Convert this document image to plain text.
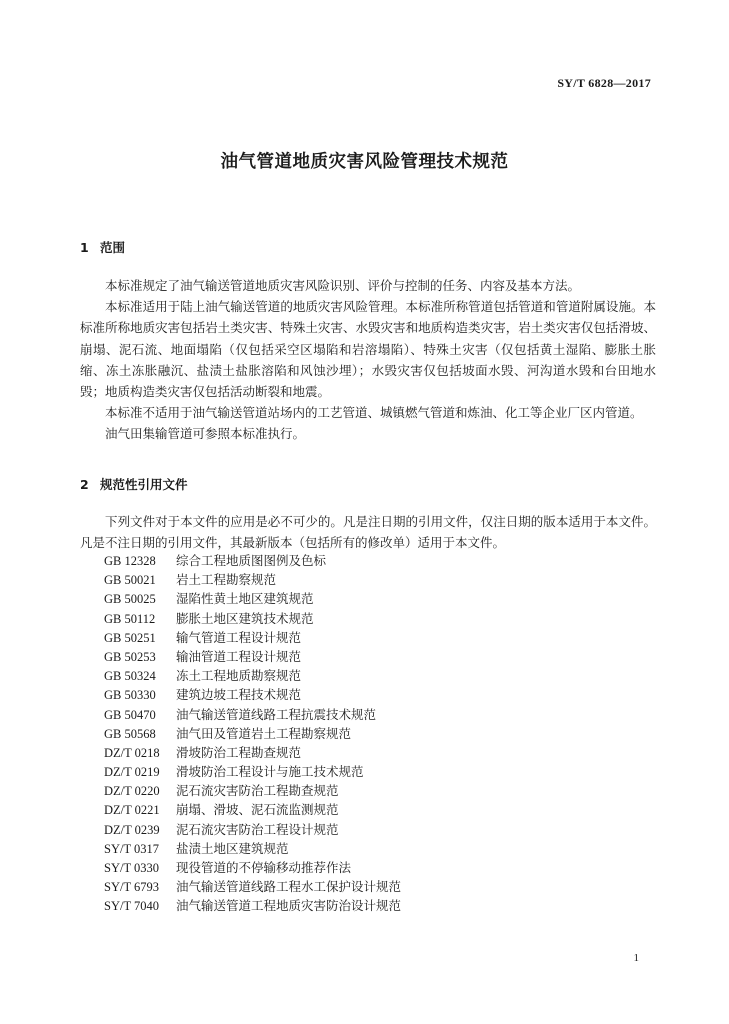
SY/T 6828—2017
油气管道地质灾害风险管理技术规范
1 范围

本标准规定了油气输送管道地质灾害风险识别、评价与控制的任务、内容及基本方法。

本标准适用于陆上油气输送管道的地质灾害风险管理。本标准所称管道包括管道和管道附属设施。本标准所称地质灾害包括岩土类灾害、特殊土灾害、水毁灾害和地质构造类灾害，岩土类灾害仅包括滑坡、崩塌、泥石流、地面塌陷（仅包括采空区塌陷和岩溶塌陷）、特殊土灾害（仅包括黄土湿陷、膨胀土胀缩、冻土冻胀融沉、盐渍土盐胀溶陷和风蚀沙埋）；水毁灾害仅包括坡面水毁、河沟道水毁和台田地水毁；地质构造类灾害仅包括活动断裂和地震。

本标准不适用于油气输送管道站场内的工艺管道、城镇燃气管道和炼油、化工等企业厂区内管道。

油气田集输管道可参照本标准执行。

2 规范性引用文件

下列文件对于本文件的应用是必不可少的。凡是注日期的引用文件，仅注日期的版本适用于本文件。凡是不注日期的引用文件，其最新版本（包括所有的修改单）适用于本文件。

GB 12328 综合工程地质图图例及色标
GB 50021 岩土工程勘察规范
GB 50025 湿陷性黄土地区建筑规范
GB 50112 膨胀土地区建筑技术规范
GB 50251 输气管道工程设计规范
GB 50253 输油管道工程设计规范
GB 50324 冻土工程地质勘察规范
GB 50330 建筑边坡工程技术规范
GB 50470 油气输送管道线路工程抗震技术规范
GB 50568 油气田及管道岩土工程勘察规范
DZ/T 0218 滑坡防治工程勘查规范
DZ/T 0219 滑坡防治工程设计与施工技术规范
DZ/T 0220 泥石流灾害防治工程勘查规范
DZ/T 0221 崩塌、滑坡、泥石流监测规范
DZ/T 0239 泥石流灾害防治工程设计规范
SY/T 0317 盐渍土地区建筑规范
SY/T 0330 现役管道的不停输移动推荐作法
SY/T 6793 油气输送管道线路工程水工保护设计规范
SY/T 7040 油气输送管道工程地质灾害防治设计规范
1
